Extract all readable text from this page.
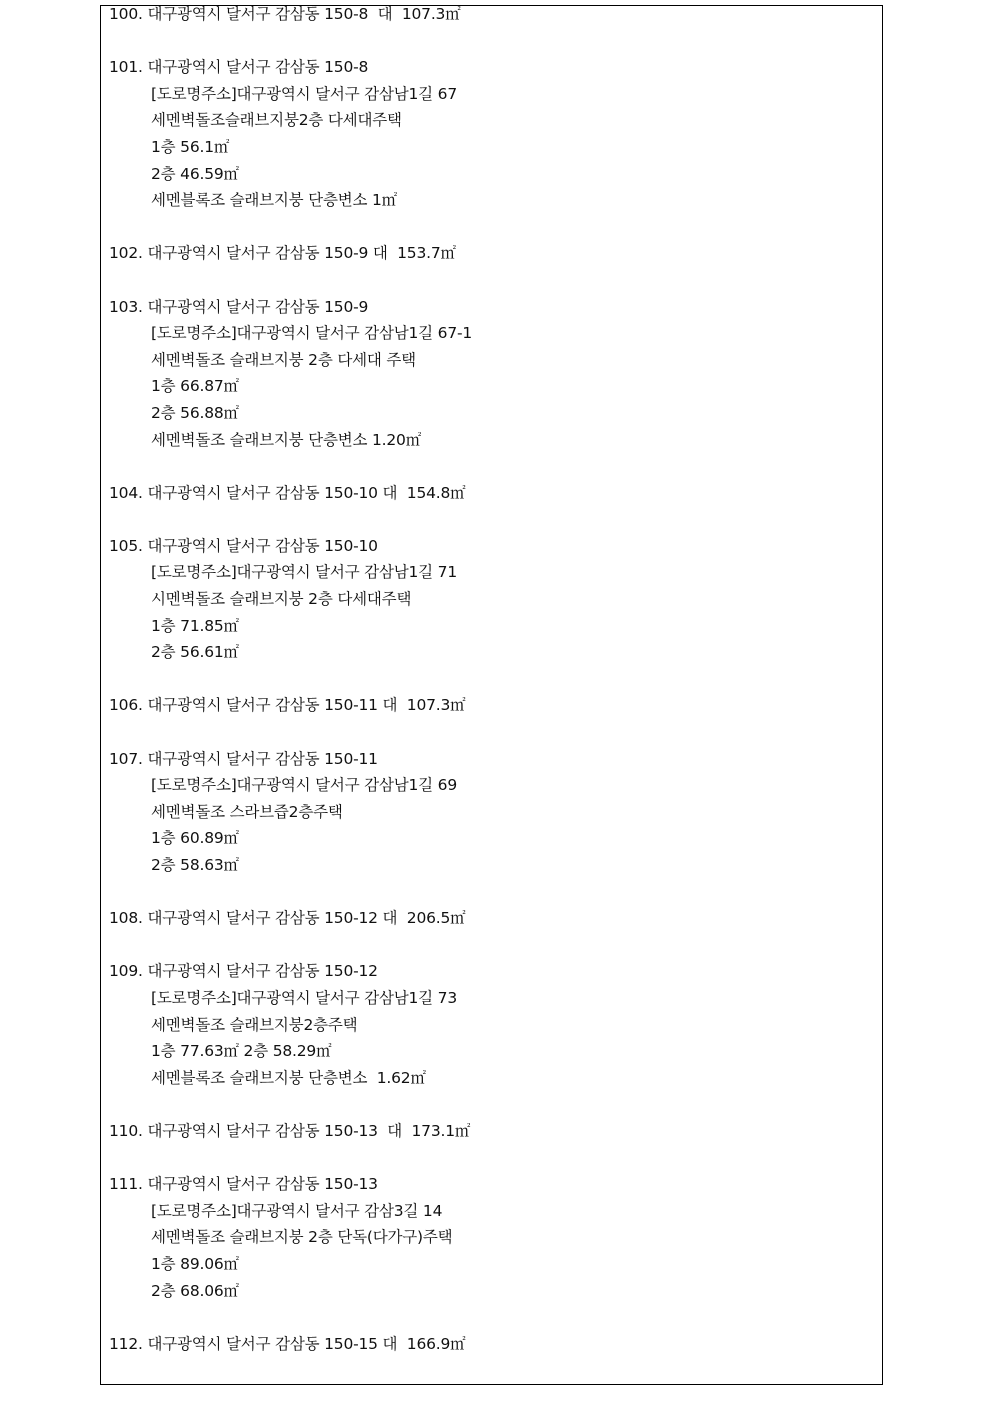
100. 대구광역시 달서구 감삼동 150-8  대  107.3㎡
101. 대구광역시 달서구 감삼동 150-8
[도로명주소]대구광역시 달서구 감삼남1길 67
세멘벽돌조슬래브지붕2층 다세대주택
1층 56.1㎡
2층 46.59㎡
세멘블록조 슬래브지붕 단층변소 1㎡
102. 대구광역시 달서구 감삼동 150-9 대  153.7㎡
103. 대구광역시 달서구 감삼동 150-9
[도로명주소]대구광역시 달서구 감삼남1길 67-1
세멘벽돌조 슬래브지붕 2층 다세대 주택
1층 66.87㎡
2층 56.88㎡
세멘벽돌조 슬래브지붕 단층변소 1.20㎡
104. 대구광역시 달서구 감삼동 150-10 대  154.8㎡
105. 대구광역시 달서구 감삼동 150-10
[도로명주소]대구광역시 달서구 감삼남1길 71
시멘벽돌조 슬래브지붕 2층 다세대주택
1층 71.85㎡
2층 56.61㎡
106. 대구광역시 달서구 감삼동 150-11 대  107.3㎡
107. 대구광역시 달서구 감삼동 150-11
[도로명주소]대구광역시 달서구 감삼남1길 69
세멘벽돌조 스라브즙2층주택
1층 60.89㎡
2층 58.63㎡
108. 대구광역시 달서구 감삼동 150-12 대  206.5㎡
109. 대구광역시 달서구 감삼동 150-12
[도로명주소]대구광역시 달서구 감삼남1길 73
세멘벽돌조 슬래브지붕2층주택
1층 77.63㎡ 2층 58.29㎡
세멘블록조 슬래브지붕 단층변소  1.62㎡
110. 대구광역시 달서구 감삼동 150-13  대  173.1㎡
111. 대구광역시 달서구 감삼동 150-13
[도로명주소]대구광역시 달서구 감삼3길 14
세멘벽돌조 슬래브지붕 2층 단독(다가구)주택
1층 89.06㎡
2층 68.06㎡
112. 대구광역시 달서구 감삼동 150-15 대  166.9㎡
